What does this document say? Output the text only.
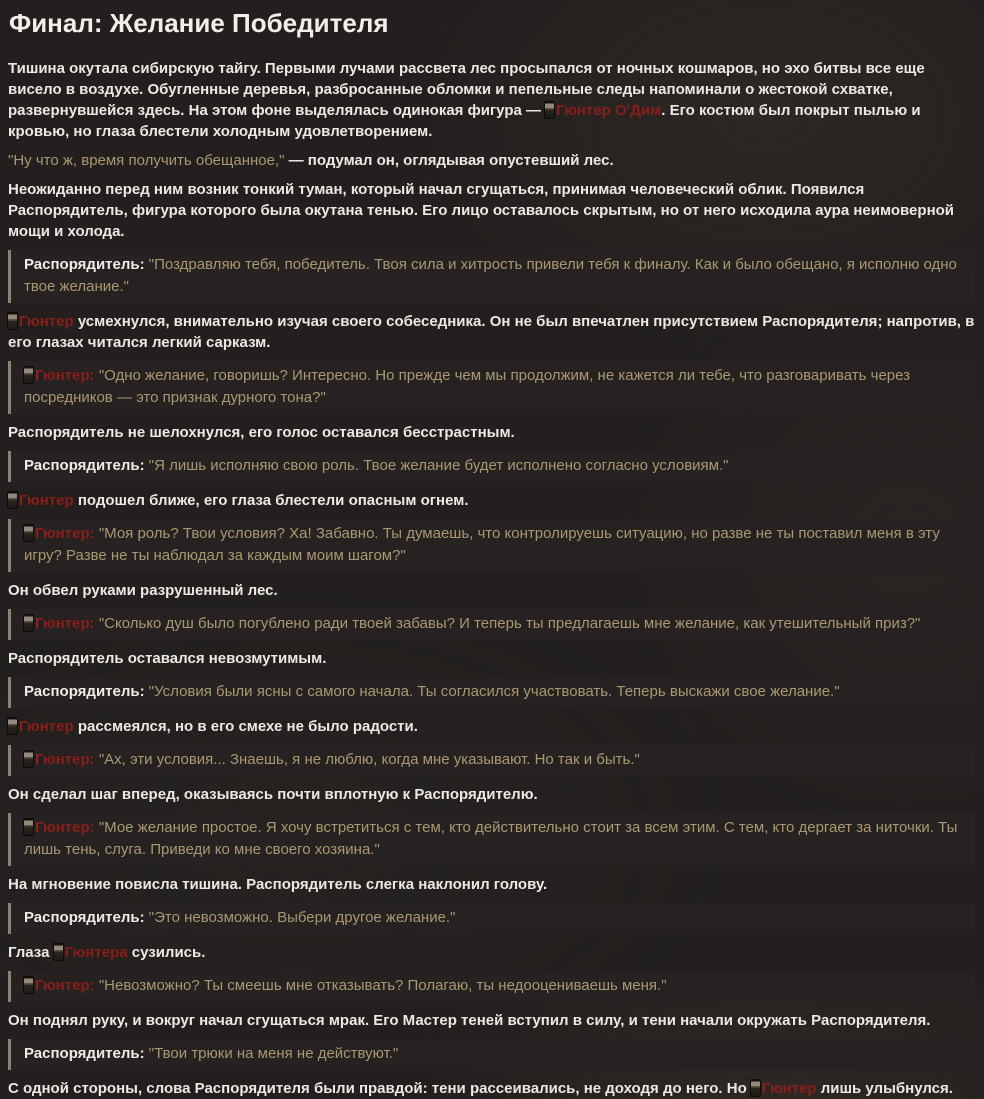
Финал: Желание Победителя

Тишина окутала сибирскую тайгу. Первыми лучами рассвета лес просыпался от ночных кошмаров, но эхо битвы все еще висело в воздухе. Обугленные деревья, разбросанные обломки и пепельные следы напоминали о жестокой схватке, развернувшейся здесь. На этом фоне выделялась одинокая фигура — Гюнтер О'Дим. Его костюм был покрыт пылью и кровью, но глаза блестели холодным удовлетворением.

"Ну что ж, время получить обещанное," — подумал он, оглядывая опустевший лес.

Неожиданно перед ним возник тонкий туман, который начал сгущаться, принимая человеческий облик. Появился Распорядитель, фигура которого была окутана тенью. Его лицо оставалось скрытым, но от него исходила аура неимоверной мощи и холода.

Распорядитель : "Поздравляю тебя, победитель. Твоя сила и хитрость привели тебя к финалу. Как и было обещано, я исполню одно твое желание."

Гюнтер усмехнулся, внимательно изучая своего собеседника. Он не был впечатлен присутствием Распорядителя; напротив, в его глазах читался легкий сарказм.

Гюнтер : "Одно желание, говоришь? Интересно. Но прежде чем мы продолжим, не кажется ли тебе, что разговаривать через посредников — это признак дурного тона?"

Распорядитель не шелохнулся, его голос оставался бесстрастным.

Распорядитель : "Я лишь исполняю свою роль. Твое желание будет исполнено согласно условиям."

Гюнтер подошел ближе, его глаза блестели опасным огнем.

Гюнтер : "Моя роль? Твои условия? Ха! Забавно. Ты думаешь, что контролируешь ситуацию, но разве не ты поставил меня в эту игру? Разве не ты наблюдал за каждым моим шагом?"

Он обвел руками разрушенный лес.

Гюнтер : "Сколько душ было погублено ради твоей забавы? И теперь ты предлагаешь мне желание, как утешительный приз?"

Распорядитель оставался невозмутимым.

Распорядитель : "Условия были ясны с самого начала. Ты согласился участвовать. Теперь выскажи свое желание."

Гюнтер рассмеялся, но в его смехе не было радости.

Гюнтер : "Ах, эти условия... Знаешь, я не люблю, когда мне указывают. Но так и быть."

Он сделал шаг вперед, оказываясь почти вплотную к Распорядителю.

Гюнтер : "Мое желание простое. Я хочу встретиться с тем, кто действительно стоит за всем этим. С тем, кто дергает за ниточки. Ты лишь тень, слуга. Приведи ко мне своего хозяина."

На мгновение повисла тишина. Распорядитель слегка наклонил голову.

Распорядитель : "Это невозможно. Выбери другое желание."

Глаза Гюнтера сузились.

Гюнтер : "Невозможно? Ты смеешь мне отказывать? Полагаю, ты недооцениваешь меня."

Он поднял руку, и вокруг начал сгущаться мрак. Его Мастер теней вступил в силу, и тени начали окружать Распорядителя.

Распорядитель : "Твои трюки на меня не действуют."

С одной стороны, слова Распорядителя были правдой: тени рассеивались, не доходя до него. Но Гюнтер лишь улыбнулся.
